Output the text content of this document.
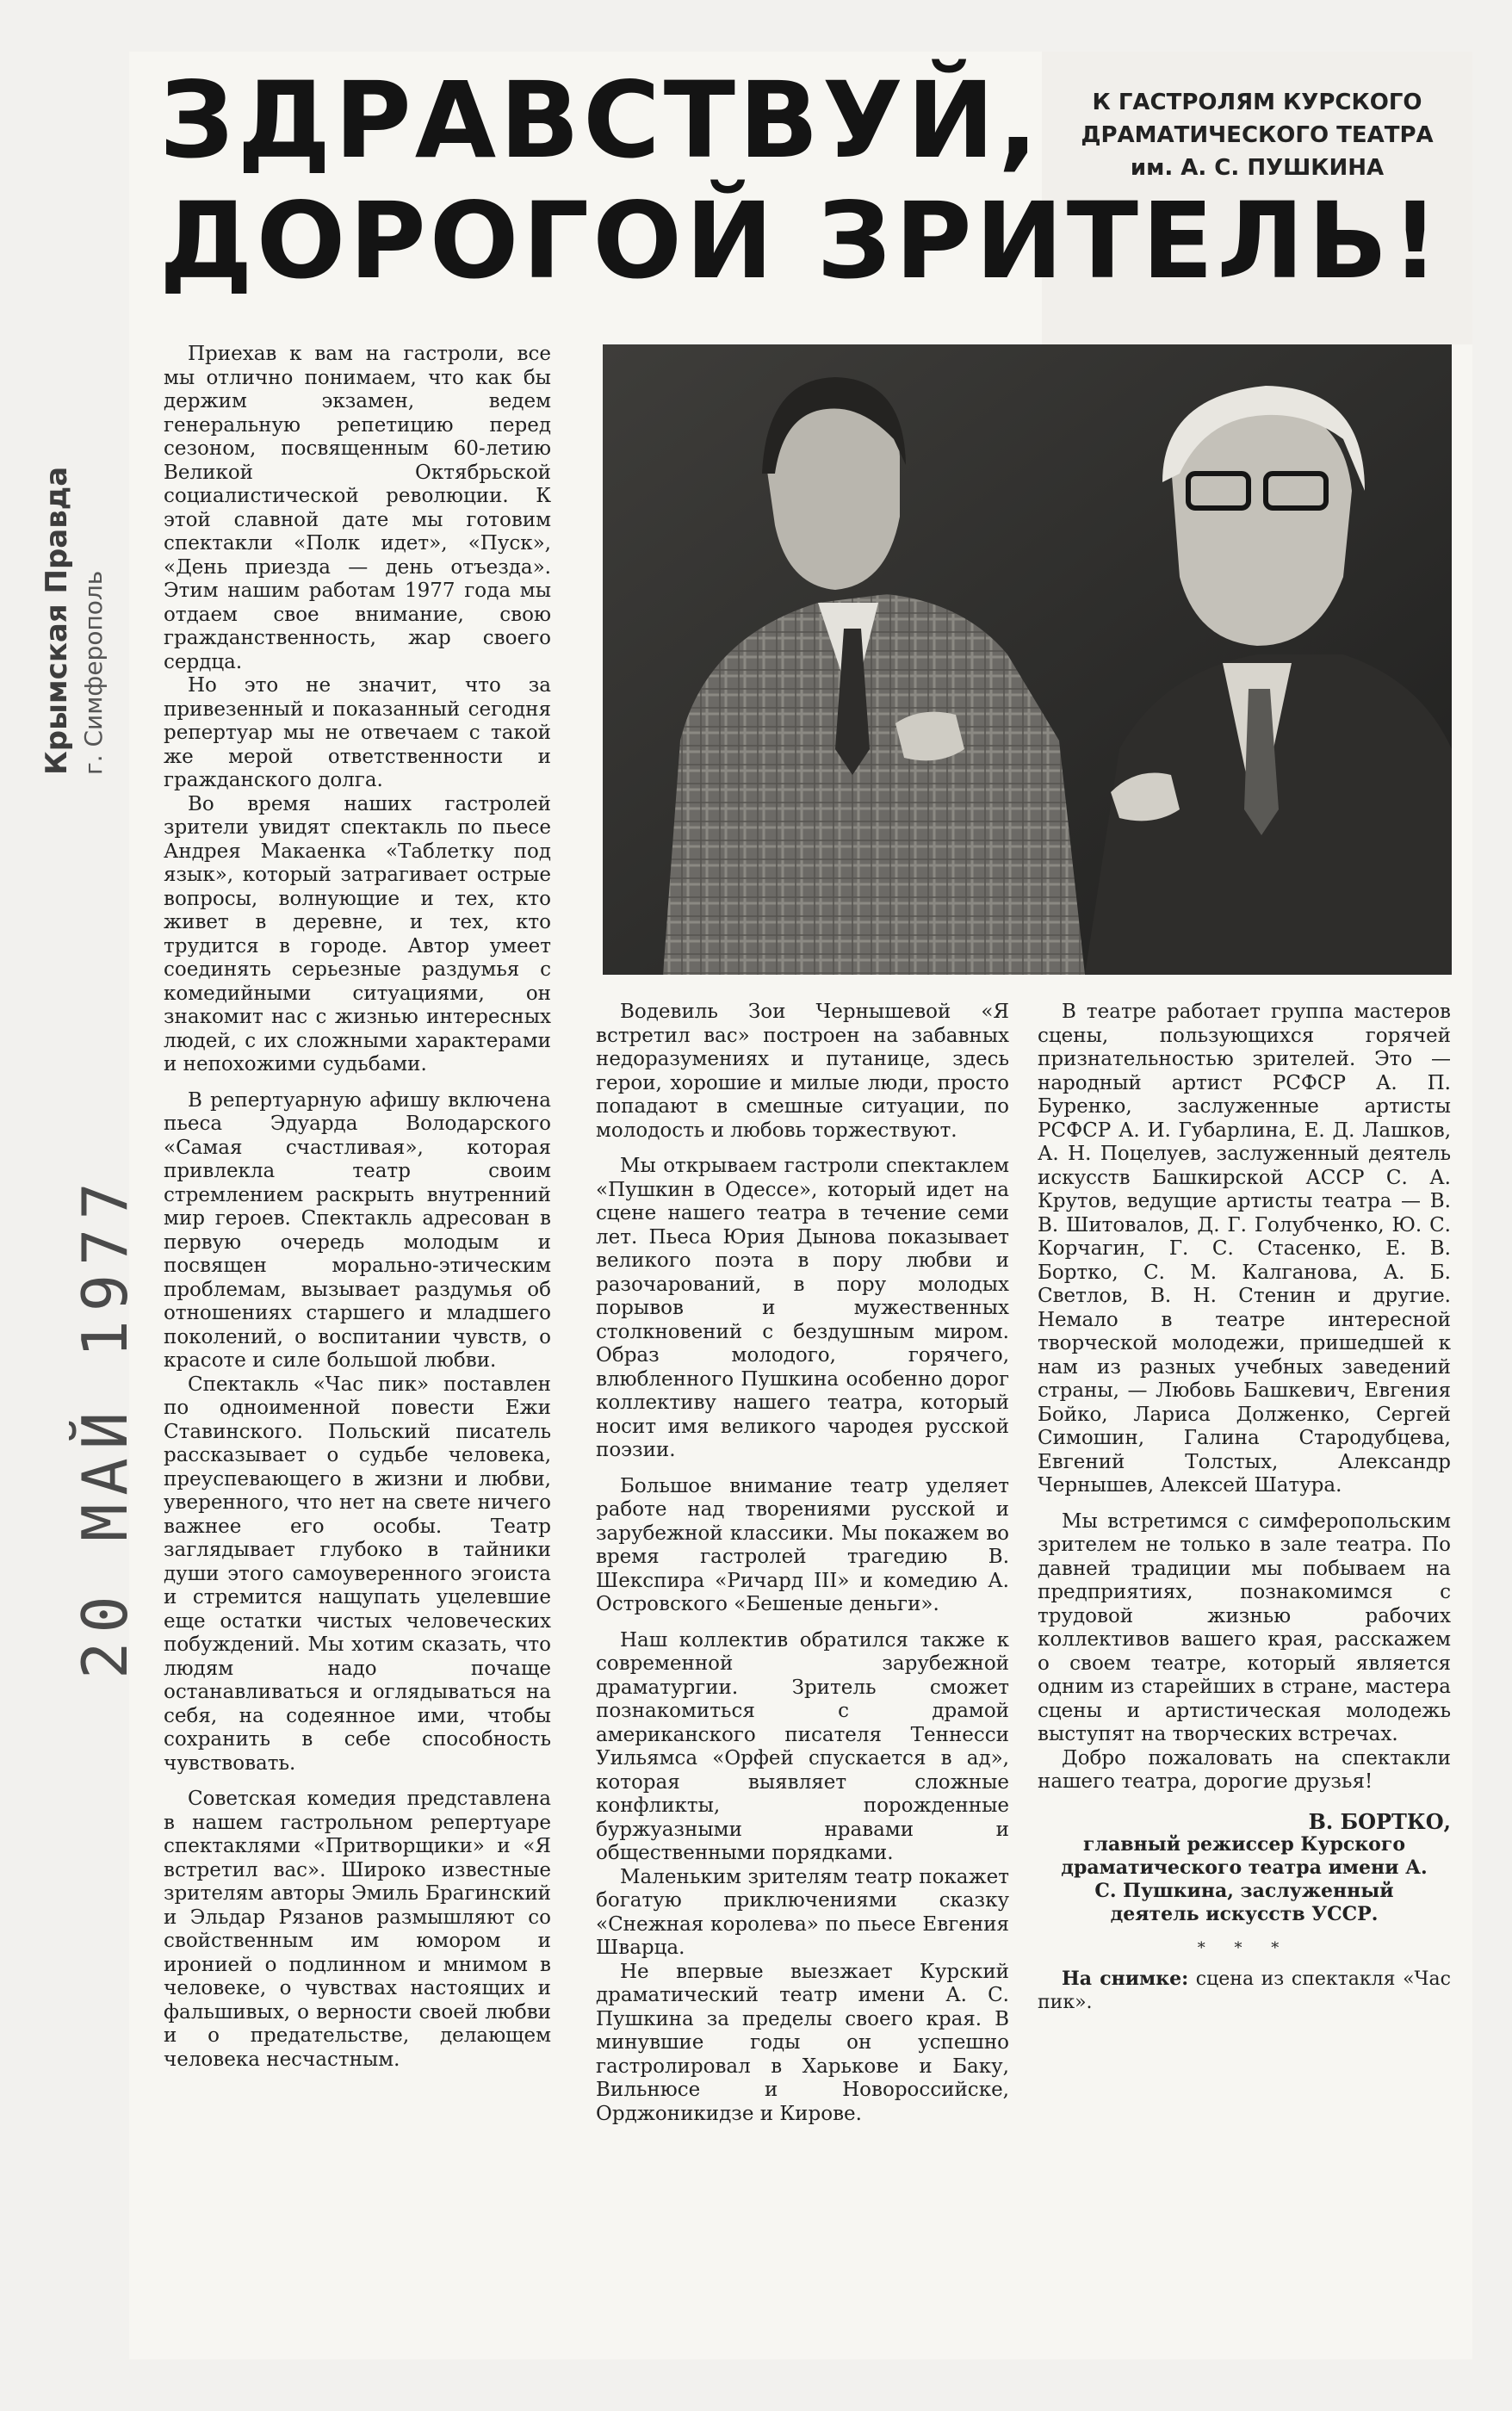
ЗДРАВСТВУЙ,
ДОРОГОЙ ЗРИТЕЛЬ!
К ГАСТРОЛЯМ КУРСКОГО
ДРАМАТИЧЕСКОГО ТЕАТРА
им. А. С. ПУШКИНА
Крымская Правда г. Симферополь
20 МАЙ 1977

Приехав к вам на гастроли, все мы отлично понимаем, что как бы держим экзамен, ведем генеральную репетицию перед сезоном, посвященным 60-летию Великой Октябрьской социалистической революции. К этой славной дате мы готовим спектакли «Полк идет», «Пуск», «День приезда — день отъезда». Этим нашим работам 1977 года мы отдаем свое внимание, свою гражданственность, жар своего сердца.

Но это не значит, что за привезенный и показанный сегодня репертуар мы не отвечаем с такой же мерой ответственности и гражданского долга.

Во время наших гастролей зрители увидят спектакль по пьесе Андрея Макаенка «Таблетку под язык», который затрагивает острые вопросы, волнующие и тех, кто живет в деревне, и тех, кто трудится в городе. Автор умеет соединять серьезные раздумья с комедийными ситуациями, он знакомит нас с жизнью интересных людей, с их сложными характерами и непохожими судьбами.

В репертуарную афишу включена пьеса Эдуарда Володарского «Самая счастливая», которая привлекла театр своим стремлением раскрыть внутренний мир героев. Спектакль адресован в первую очередь молодым и посвящен морально-этическим проблемам, вызывает раздумья об отношениях старшего и младшего поколений, о воспитании чувств, о красоте и силе большой любви.

Спектакль «Час пик» поставлен по одноименной повести Ежи Ставинского. Польский писатель рассказывает о судьбе человека, преуспевающего в жизни и любви, уверенного, что нет на свете ничего важнее его особы. Театр заглядывает глубоко в тайники души этого самоуверенного эгоиста и стремится нащупать уцелевшие еще остатки чистых человеческих побуждений. Мы хотим сказать, что людям надо почаще останавливаться и оглядываться на себя, на содеянное ими, чтобы сохранить в себе способность чувствовать.

Советская комедия представлена в нашем гастрольном репертуаре спектаклями «Притворщики» и «Я встретил вас». Широко известные зрителям авторы Эмиль Брагинский и Эльдар Рязанов размышляют со свойственным им юмором и иронией о подлинном и мнимом в человеке, о чувствах настоящих и фальшивых, о верности своей любви и о предательстве, делающем человека несчастным.

Водевиль Зои Чернышевой «Я встретил вас» построен на забавных недоразумениях и путанице, здесь герои, хорошие и милые люди, просто попадают в смешные ситуации, по молодость и любовь торжествуют.

Мы открываем гастроли спектаклем «Пушкин в Одессе», который идет на сцене нашего театра в течение семи лет. Пьеса Юрия Дынова показывает великого поэта в пору любви и разочарований, в пору молодых порывов и мужественных столкновений с бездушным миром. Образ молодого, горячего, влюбленного Пушкина особенно дорог коллективу нашего театра, который носит имя великого чародея русской поэзии.

Большое внимание театр уделяет работе над творениями русской и зарубежной классики. Мы покажем во время гастролей трагедию В. Шекспира «Ричард III» и комедию А. Островского «Бешеные деньги».

Наш коллектив обратился также к современной зарубежной драматургии. Зритель сможет познакомиться с драмой американского писателя Теннесси Уильямса «Орфей спускается в ад», которая выявляет сложные конфликты, порожденные буржуазными нравами и общественными порядками.

Маленьким зрителям театр покажет богатую приключениями сказку «Снежная королева» по пьесе Евгения Шварца.

Не впервые выезжает Курский драматический театр имени А. С. Пушкина за пределы своего края. В минувшие годы он успешно гастролировал в Харькове и Баку, Вильнюсе и Новороссийске, Орджоникидзе и Кирове.

В театре работает группа мастеров сцены, пользующихся горячей признательностью зрителей. Это — народный артист РСФСР А. П. Буренко, заслуженные артисты РСФСР А. И. Губарлина, Е. Д. Лашков, А. Н. Поцелуев, заслуженный деятель искусств Башкирской АССР С. А. Крутов, ведущие артисты театра — В. В. Шитовалов, Д. Г. Голубченко, Ю. С. Корчагин, Г. С. Стасенко, Е. В. Бортко, С. М. Калганова, А. Б. Светлов, В. Н. Стенин и другие. Немало в театре интересной творческой молодежи, пришедшей к нам из разных учебных заведений страны, — Любовь Башкевич, Евгения Бойко, Лариса Долженко, Сергей Симошин, Галина Стародубцева, Евгений Толстых, Александр Чернышев, Алексей Шатура.

Мы встретимся с симферопольским зрителем не только в зале театра. По давней традиции мы побываем на предприятиях, познакомимся с трудовой жизнью рабочих коллективов вашего края, расскажем о своем театре, который является одним из старейших в стране, мастера сцены и артистическая молодежь выступят на творческих встречах.

Добро пожаловать на спектакли нашего театра, дорогие друзья!

В. БОРТКО,
главный режиссер Курского драматического театра имени А. С. Пушкина, заслуженный деятель искусств УССР.
* * *

На снимке: сцена из спектакля «Час пик».
